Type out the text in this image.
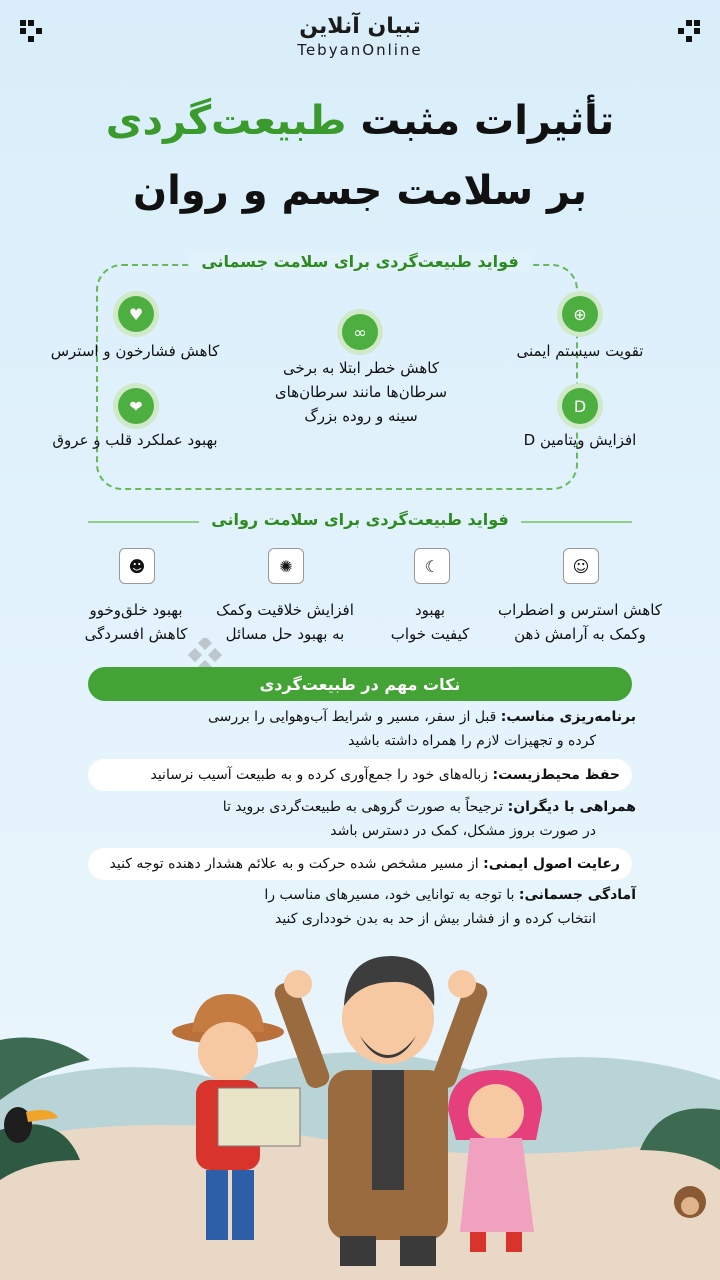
تبیان آنلاین
TebyanOnline
تأثیرات مثبت طبیعت‌گردی
بر سلامت جسم و روان
فواید طبیعت‌گردی برای سلامت جسمانی
⊕
تقویت سیستم ایمنی
D
افزایش ویتامین D
∞
کاهش خطر ابتلا به برخی سرطان‌ها مانند سرطان‌های سینه و روده بزرگ
♥
کاهش فشارخون و استرس
❤
بهبود عملکرد قلب و عروق
فواید طبیعت‌گردی برای سلامت روانی
☺
کاهش استرس و اضطراب
وکمک به آرامش ذهن
☾
بهبود
کیفیت خواب
✺
افزایش خلاقیت وکمک
به بهبود حل مسائل
☻
بهبود خلق‌وخوو
کاهش افسردگی
نکات مهم در طبیعت‌گردی
برنامه‌ریزی مناسب: قبل از سفر، مسیر و شرایط آب‌وهوایی را بررسی
کرده و تجهیزات لازم را همراه داشته باشید
حفظ محیط‌زیست: زباله‌های خود را جمع‌آوری کرده و به طبیعت آسیب نرسانید
همراهی با دیگران: ترجیحاً به صورت گروهی به طبیعت‌گردی بروید تا
در صورت بروز مشکل، کمک در دسترس باشد
رعایت اصول ایمنی: از مسیر مشخص شده حرکت و به علائم هشدار دهنده توجه کنید
آمادگی جسمانی: با توجه به توانایی خود، مسیرهای مناسب را
انتخاب کرده و از فشار بیش از حد به بدن خودداری کنید
